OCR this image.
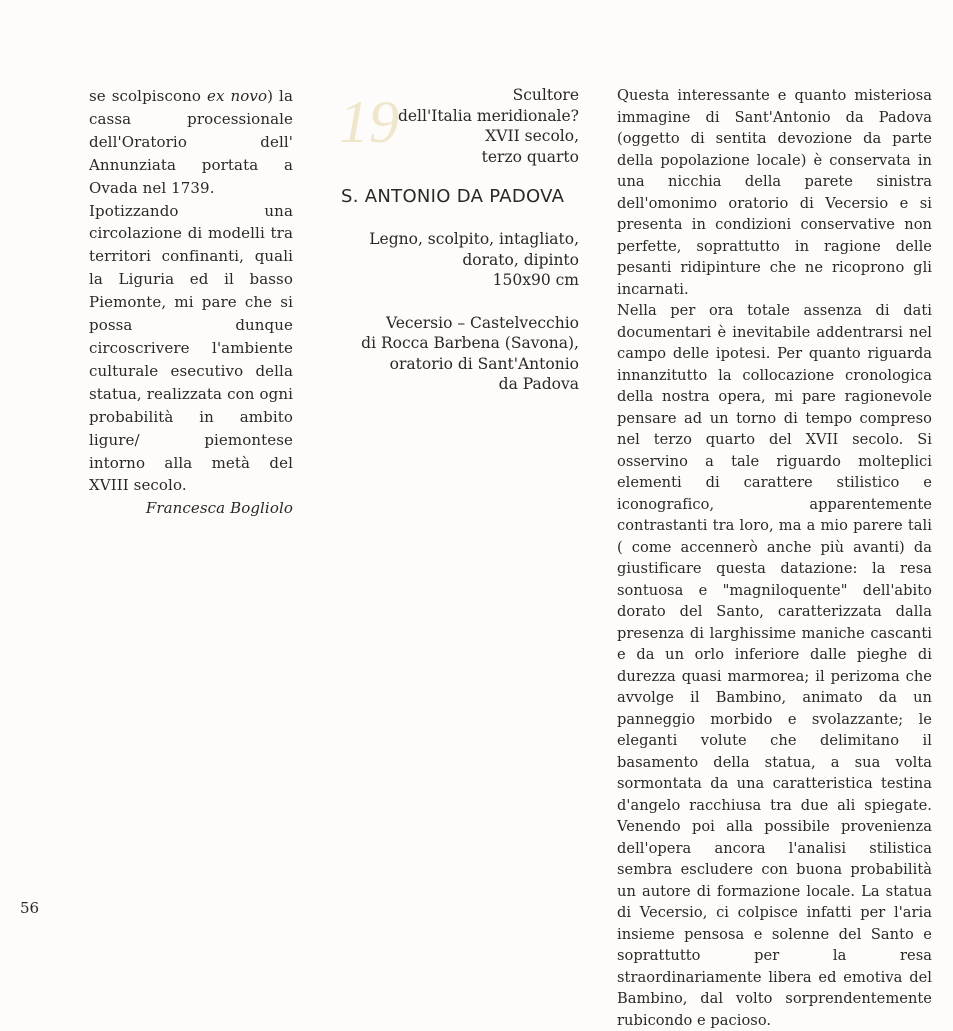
19

se scolpiscono ex novo) la cassa processionale dell'Oratorio dell' Annunziata portata a Ovada nel 1739.

Ipotizzando una circolazione di modelli tra territori confinanti, quali la Liguria ed il basso Piemonte, mi pare che si possa dunque circoscrivere l'ambiente culturale esecutivo della statua, realizzata con ogni probabilità in ambito ligure/ piemontese intorno alla metà del XVIII secolo.

Francesca Bogliolo
Scultore
dell'Italia meridionale?
XVII secolo,
terzo quarto
S. ANTONIO DA PADOVA
Legno, scolpito, intagliato,
dorato, dipinto
150x90 cm
Vecersio – Castelvecchio
di Rocca Barbena (Savona),
oratorio di Sant'Antonio
da Padova

Questa interessante e quanto misteriosa immagine di Sant'Antonio da Padova (oggetto di sentita devozione da parte della popolazione locale) è conservata in una nicchia della parete sinistra dell'omonimo oratorio di Vecersio e si presenta in condizioni conservative non perfette, soprattutto in ragione delle pesanti ridipinture che ne ricoprono gli incarnati.

Nella per ora totale assenza di dati documentari è inevitabile addentrarsi nel campo delle ipotesi. Per quanto riguarda innanzitutto la collocazione cronologica della nostra opera, mi pare ragionevole pensare ad un torno di tempo compreso nel terzo quarto del XVII secolo. Si osservino a tale riguardo molteplici elementi di carattere stilistico e iconografico, apparentemente contrastanti tra loro, ma a mio parere tali ( come accennerò anche più avanti) da giustificare questa datazione: la resa sontuosa e "magniloquente" dell'abito dorato del Santo, caratterizzata dalla presenza di larghissime maniche cascanti e da un orlo inferiore dalle pieghe di durezza quasi marmorea; il perizoma che avvolge il Bambino, animato da un panneggio morbido e svolazzante; le eleganti volute che delimitano il basamento della statua, a sua volta sormontata da una caratteristica testina d'angelo racchiusa tra due ali spiegate. Venendo poi alla possibile provenienza dell'opera ancora l'analisi stilistica sembra escludere con buona probabilità un autore di formazione locale. La statua di Vecersio, ci colpisce infatti per l'aria insieme pensosa e solenne del Santo e soprattutto per la resa straordinariamente libera ed emotiva del Bambino, dal volto sorprendentemente rubicondo e pacioso.

56
